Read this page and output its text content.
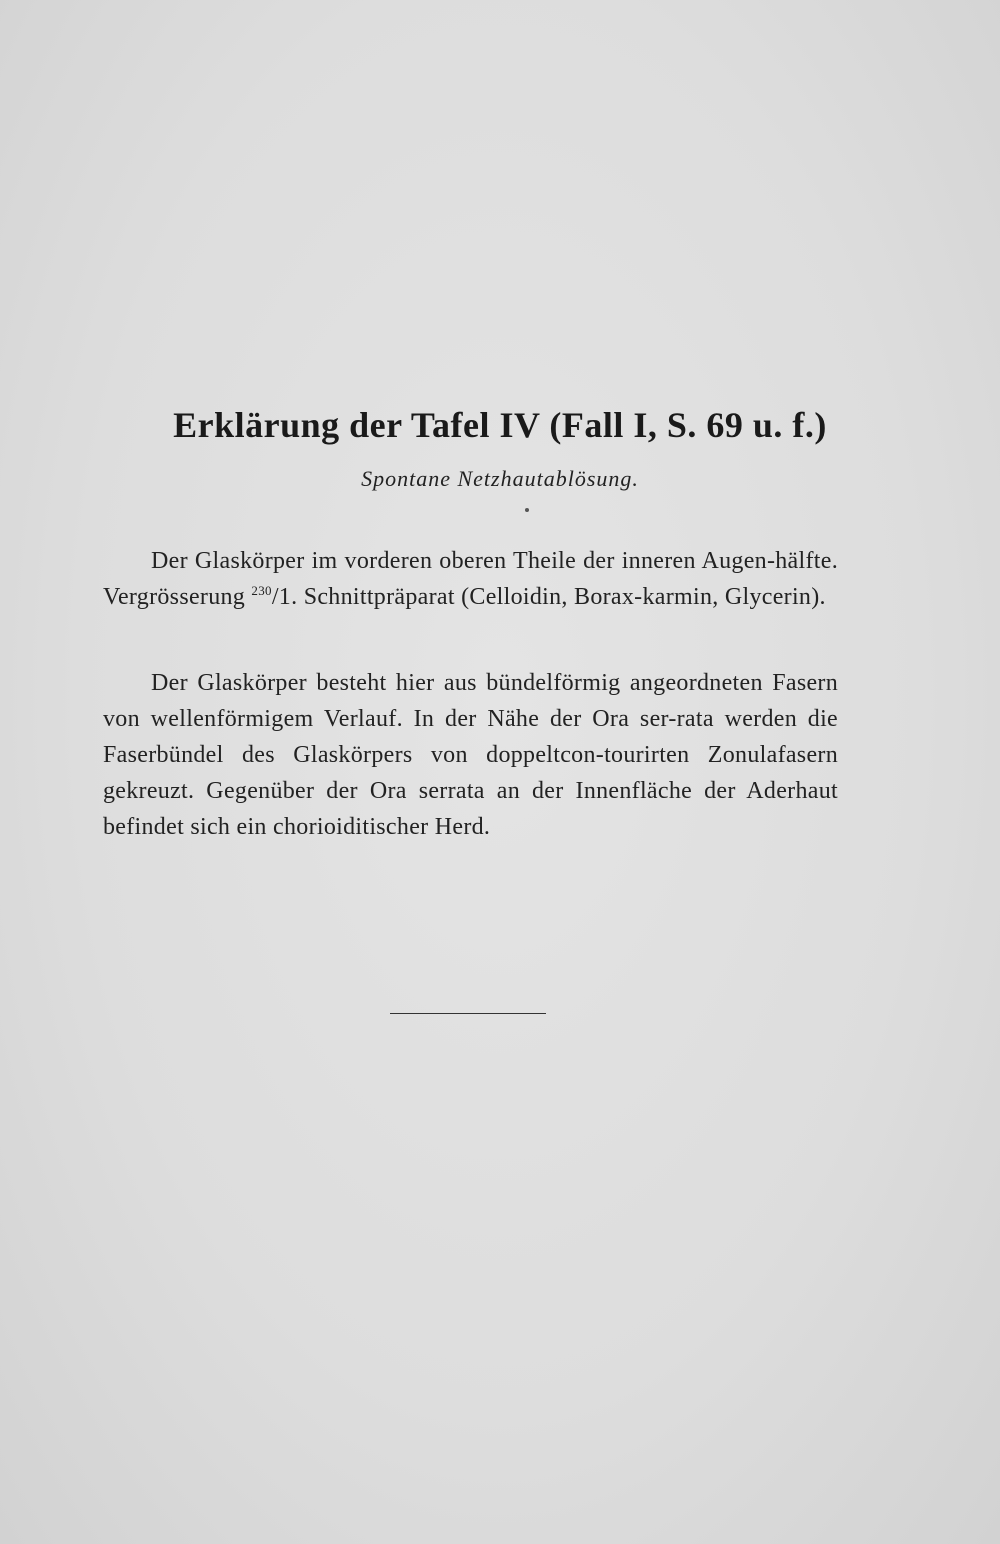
Erklärung der Tafel IV (Fall I, S. 69 u. f.)

Spontane Netzhautablösung.

Der Glaskörper im vorderen oberen Theile der inneren Augen-hälfte. Vergrösserung $^{230}$/1. Schnittpräparat (Celloidin, Borax-karmin, Glycerin).

Der Glaskörper besteht hier aus bündelförmig angeordneten Fasern von wellenförmigem Verlauf. In der Nähe der Ora ser-rata werden die Faserbündel des Glaskörpers von doppeltcon-tourirten Zonulafasern gekreuzt. Gegenüber der Ora serrata an der Innenfläche der Aderhaut befindet sich ein chorioiditischer Herd.
